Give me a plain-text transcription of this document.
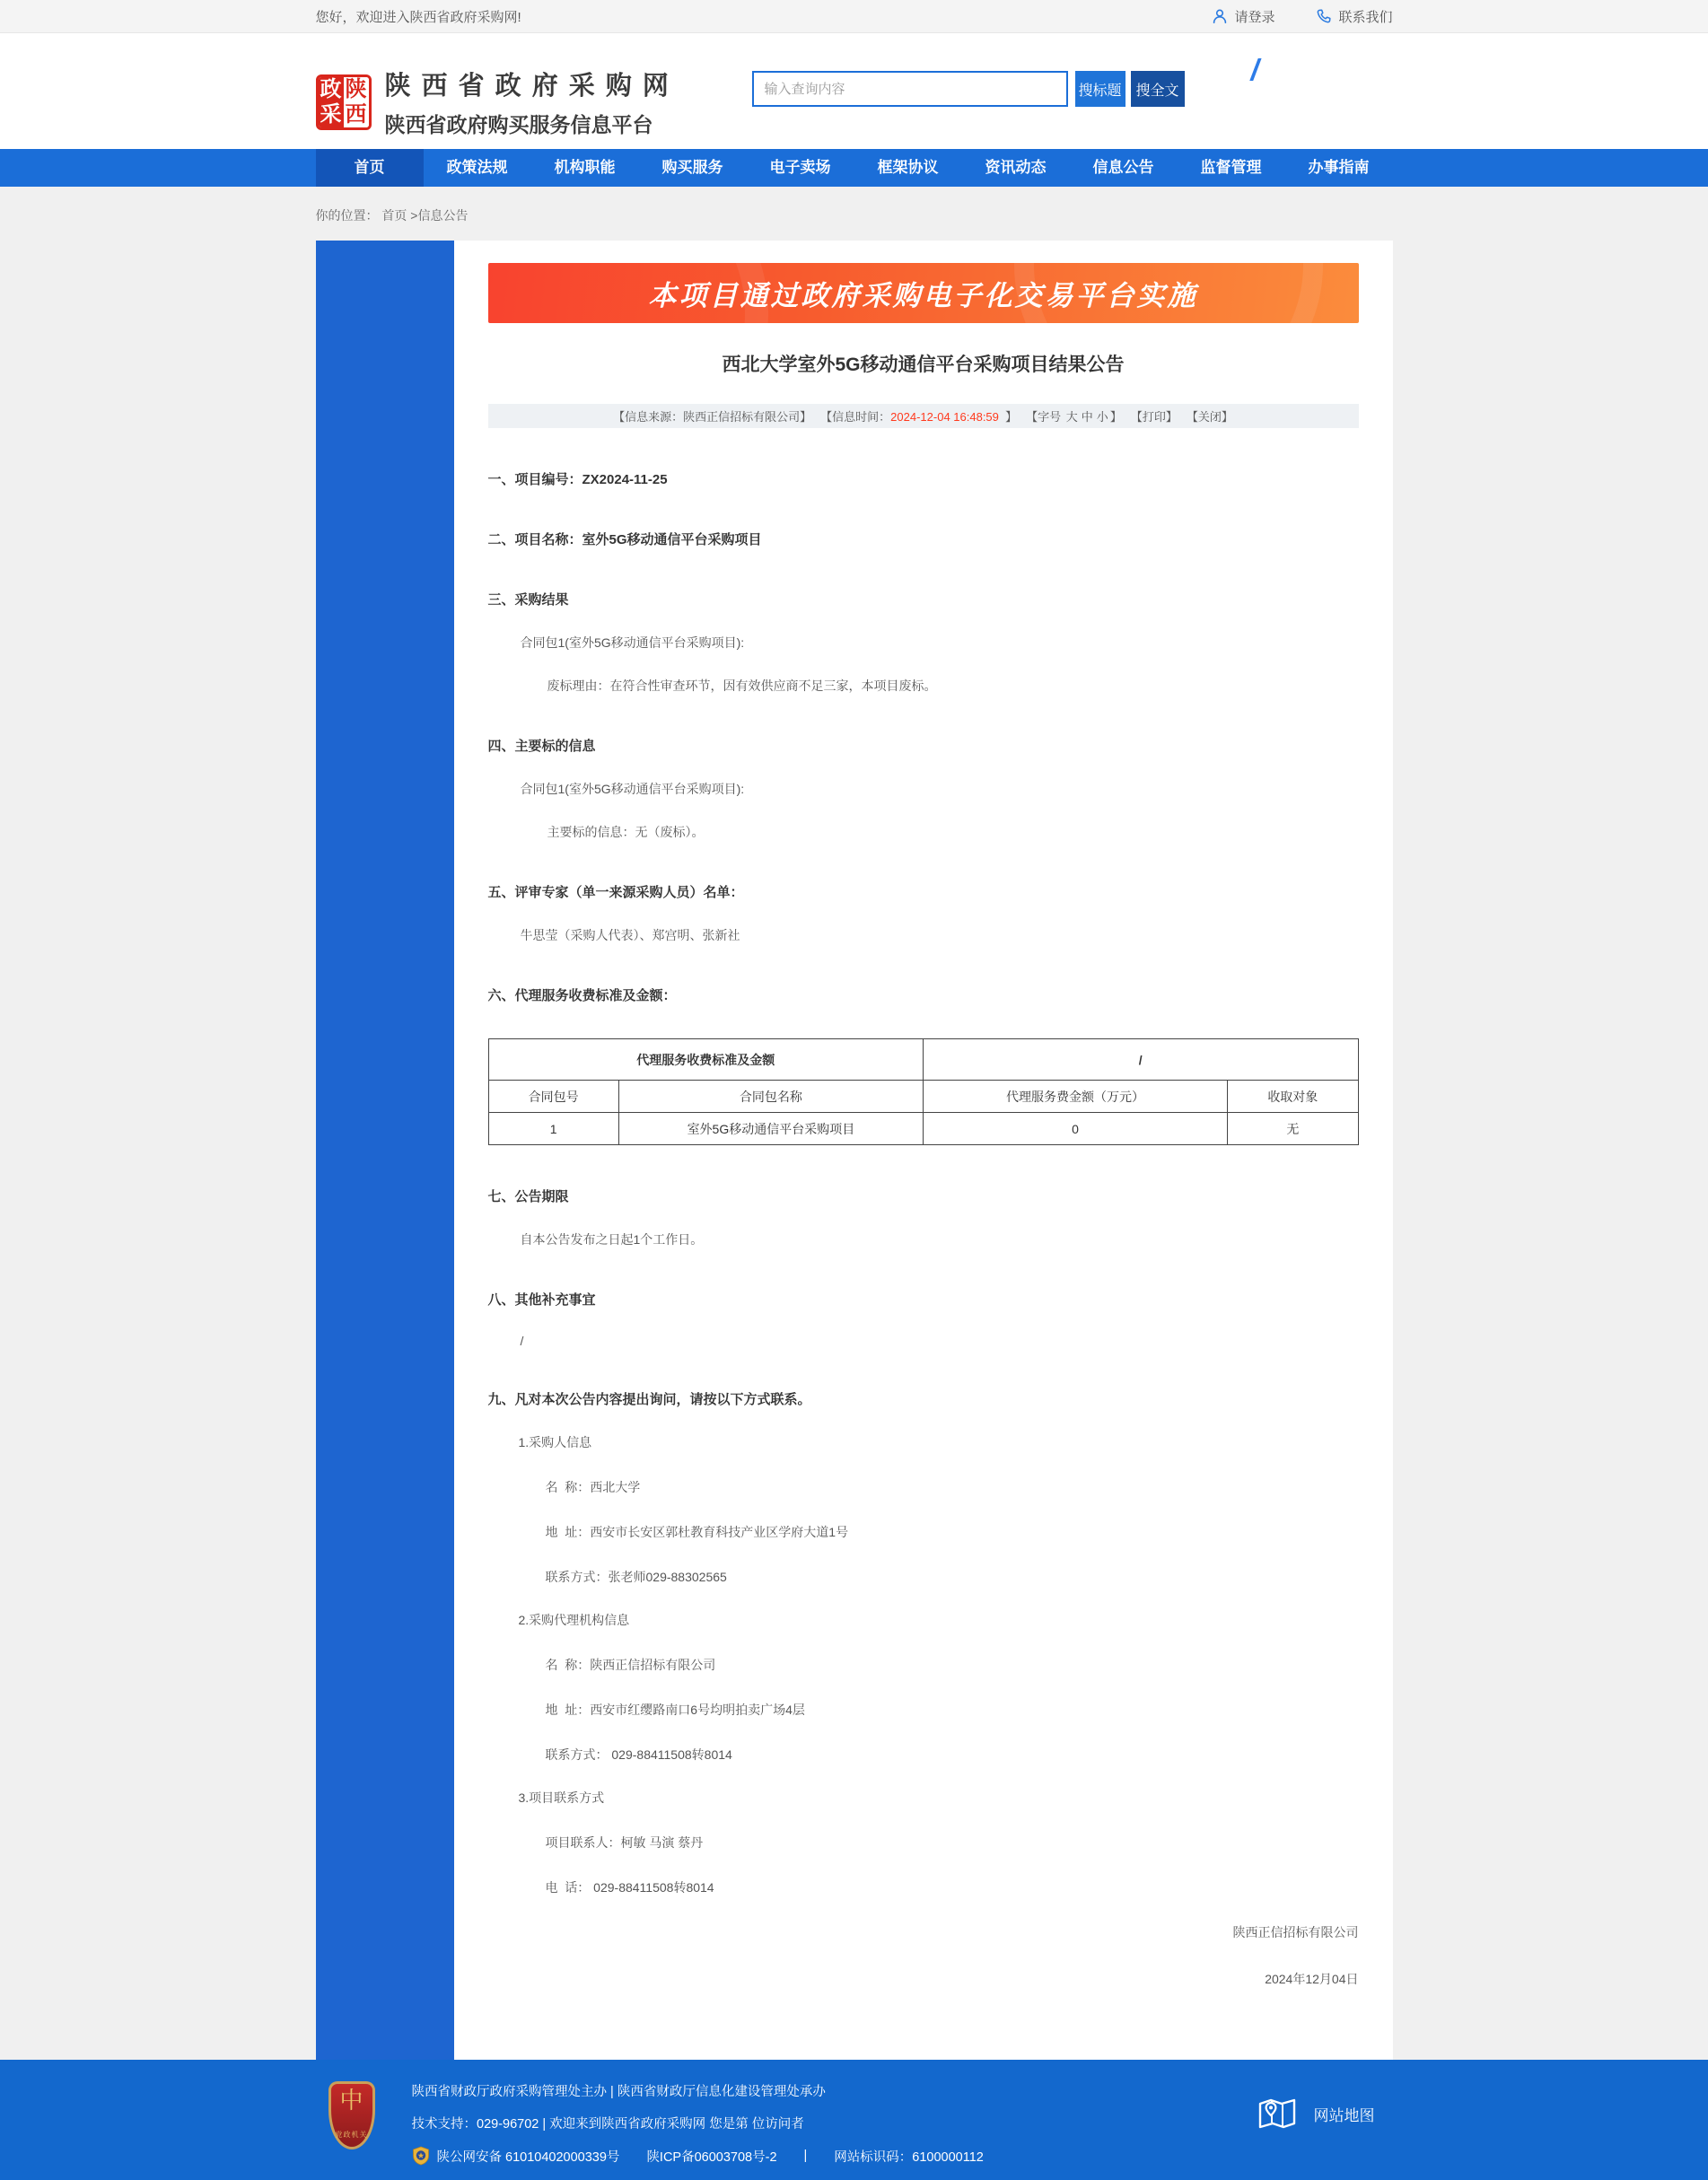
您好，欢迎进入陕西省政府采购网!	请登录	联系我们
政 陕
采 西
陕 西 省 政 府 采 购 网
陕西省政府购买服务信息平台
输入查询内容
搜标题 搜全文
/
首页	政策法规	机构职能	购买服务	电子卖场	框架协议	资讯动态	信息公告	监督管理	办事指南
你的位置： 首页 >信息公告
本项目通过政府采购电子化交易平台实施
西北大学室外5G移动通信平台采购项目结果公告
【信息来源：陕西正信招标有限公司】 【信息时间：2024-12-04 16:48:59  】 【字号 大 中 小 】 【打印】 【关闭】
一、项目编号：ZX2024-11-25
二、项目名称：室外5G移动通信平台采购项目
三、采购结果
合同包1(室外5G移动通信平台采购项目):
废标理由：在符合性审查环节，因有效供应商不足三家，本项目废标。
四、主要标的信息
合同包1(室外5G移动通信平台采购项目):
主要标的信息：无（废标）。
五、评审专家（单一来源采购人员）名单：
牛思莹（采购人代表）、郑宫明、张新社
六、代理服务收费标准及金额：
代理服务收费标准及金额		/	
合同包号	合同包名称	代理服务费金额（万元）	收取对象
1	室外5G移动通信平台采购项目	0	无
七、公告期限
自本公告发布之日起1个工作日。
八、其他补充事宜
/
九、凡对本次公告内容提出询问，请按以下方式联系。
1.采购人信息
名  称：西北大学
地  址：西安市长安区郭杜教育科技产业区学府大道1号
联系方式：张老师029-88302565
2.采购代理机构信息
名  称：陕西正信招标有限公司
地  址：西安市红缨路南口6号均明拍卖广场4层
联系方式： 029-88411508转8014
3.项目联系方式
项目联系人：柯敏 马演 蔡丹
电  话： 029-88411508转8014
陕西正信招标有限公司
2024年12月04日
中
党政机关
陕西省财政厅政府采购管理处主办 | 陕西省财政厅信息化建设管理处承办
技术支持：029-96702 | 欢迎来到陕西省政府采购网 您是第 位访问者
陕公网安备 61010402000339号 陕ICP备06003708号-2 | 网站标识码：6100000112
网站地图
